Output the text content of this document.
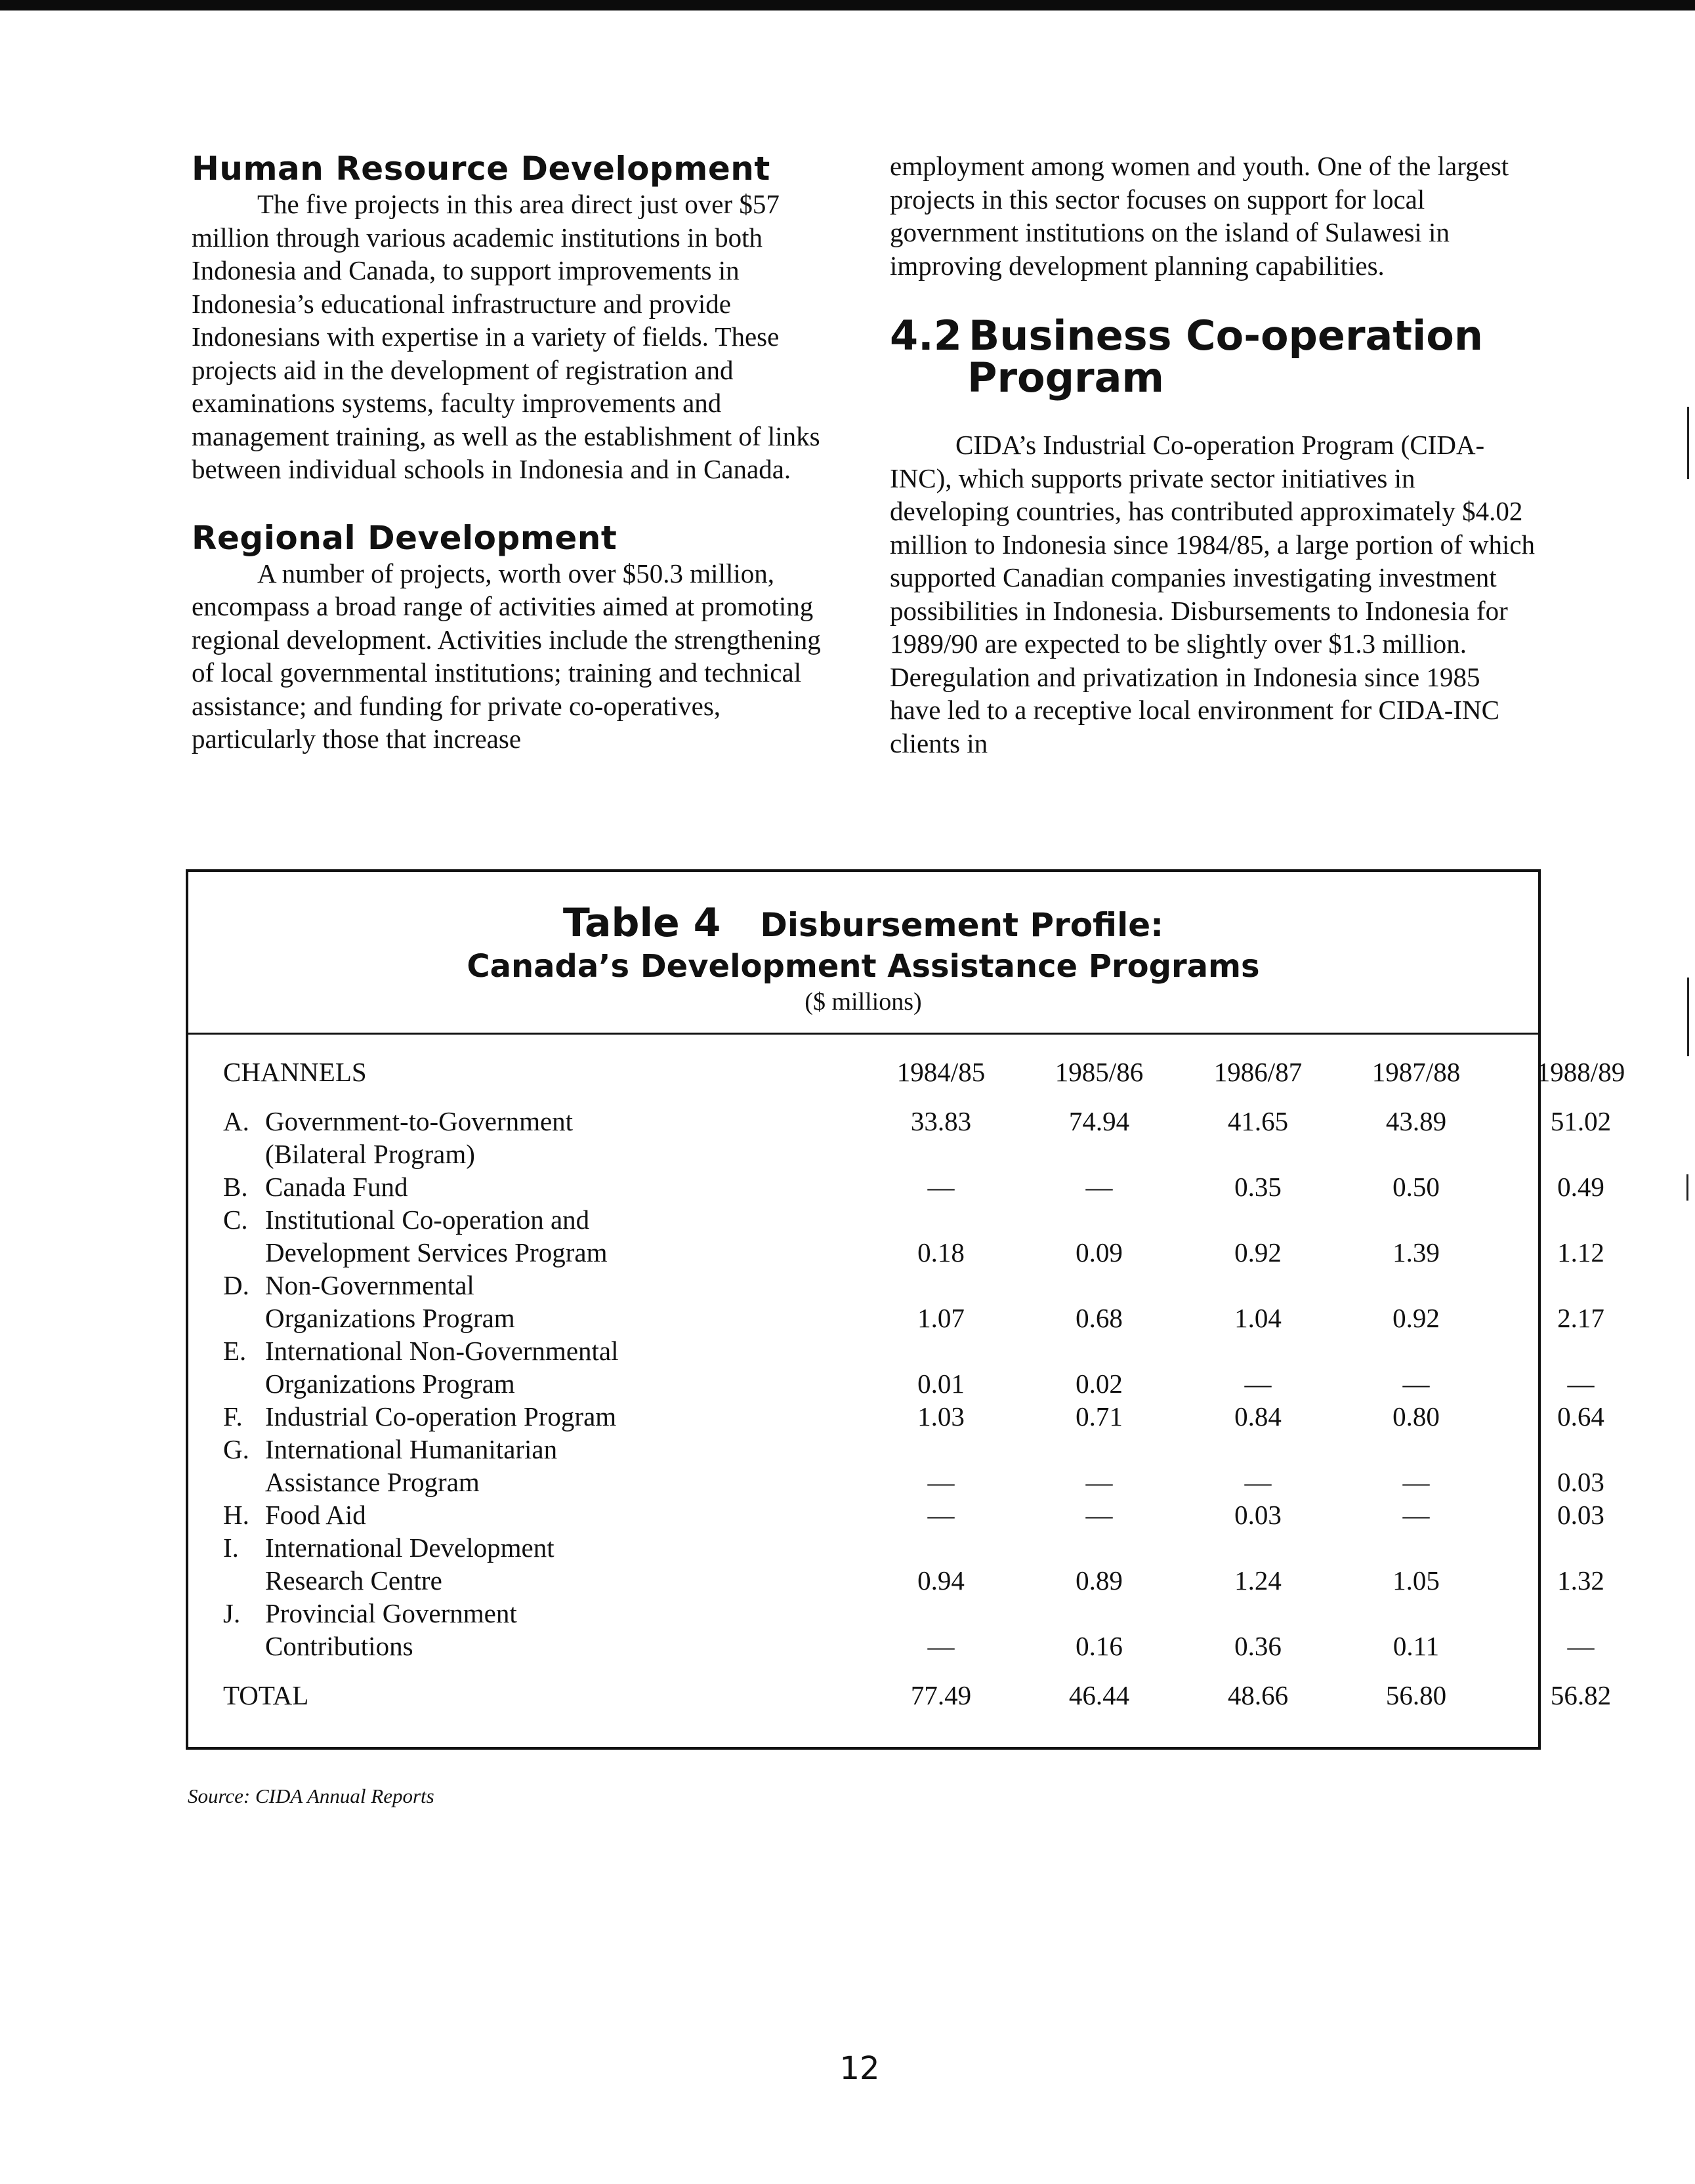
Human Resource Development

The five projects in this area direct just over $57 million through various academic institutions in both Indonesia and Canada, to support improvements in Indonesia’s educational infrastructure and provide Indonesians with expertise in a variety of fields. These projects aid in the development of registration and examinations systems, faculty improvements and management training, as well as the establishment of links between individual schools in Indonesia and in Canada.

Regional Development

A number of projects, worth over $50.3 million, encompass a broad range of activities aimed at promoting regional development. Activities include the strengthening of local governmental institutions; training and technical assistance; and funding for private co-operatives, particularly those that increase

employment among women and youth. One of the largest projects in this sector focuses on support for local government institutions on the island of Sulawesi in improving development planning capabilities.

4.2 Business Co-operation
Program

CIDA’s Industrial Co-operation Program (CIDA-INC), which supports private sector initiatives in developing countries, has contributed approximately $4.02 million to Indonesia since 1984/85, a large portion of which supported Canadian companies investigating investment possibilities in Indonesia. Disbursements to Indonesia for 1989/90 are expected to be slightly over $1.3 million. Deregulation and privatization in Indonesia since 1985 have led to a receptive local environment for CIDA-INC clients in

Table 4 Disbursement Profile:
Canada’s Development Assistance Programs
($ millions)
CHANNELS	1984/85	1985/86	1986/87	1987/88	1988/89
A. Government-to-Government
(Bilateral Program)
33.83	74.94	41.65	43.89	51.02
B. Canada Fund	—	—	0.35	0.50	0.49
C. Institutional Co-operation and
Development Services Program	0.18	0.09	0.92	1.39	1.12
D. Non-Governmental
Organizations Program	1.07	0.68	1.04	0.92	2.17
E. International Non-Governmental
Organizations Program	0.01	0.02	—	—	—
F. Industrial Co-operation Program	1.03	0.71	0.84	0.80	0.64
G. International Humanitarian
Assistance Program	—	—	—	—	0.03
H. Food Aid	—	—	0.03	—	0.03
I. International Development
Research Centre	0.94	0.89	1.24	1.05	1.32
J. Provincial Government
Contributions	—	0.16	0.36	0.11	—
TOTAL	77.49	46.44	48.66	56.80	56.82
Source: CIDA Annual Reports
12
